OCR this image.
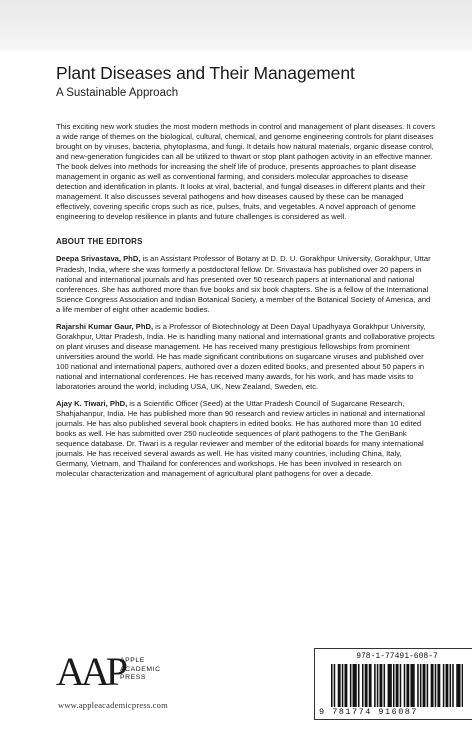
Plant Diseases and Their Management

A Sustainable Approach

This exciting new work studies the most modern methods in control and management of plant diseases. It covers a wide range of themes on the biological, cultural, chemical, and genome engineering controls for plant diseases brought on by viruses, bacteria, phytoplasma, and fungi. It details how natural materials, organic disease control, and new-generation fungicides can all be utilized to thwart or stop plant pathogen activity in an effective manner. The book delves into methods for increasing the shelf life of produce, presents approaches to plant disease management in organic as well as conventional farming, and considers molecular approaches to disease detection and identification in plants. It looks at viral, bacterial, and fungal diseases in different plants and their management. It also discusses several pathogens and how diseases caused by these can be managed effectively, covering specific crops such as rice, pulses, fruits, and vegetables. A novel approach of genome engineering to develop resilience in plants and future challenges is considered as well.

ABOUT THE EDITORS

Deepa Srivastava, PhD, is an Assistant Professor of Botany at D. D. U. Gorakhpur University, Gorakhpur, Uttar Pradesh, India, where she was formerly a postdoctoral fellow. Dr. Srivastava has published over 20 papers in national and international journals and has presented over 50 research papers at international and national conferences. She has authored more than five books and six book chapters. She is a fellow of the International Science Congress Association and Indian Botanical Society, a member of the Botanical Society of America, and a life member of eight other academic bodies.

Rajarshi Kumar Gaur, PhD, is a Professor of Biotechnology at Deen Dayal Upadhyaya Gorakhpur University, Gorakhpur, Uttar Pradesh, India. He is handling many national and international grants and collaborative projects on plant viruses and disease management. He has received many prestigious fellowships from prominent universities around the world. He has made significant contributions on sugarcane viruses and published over 100 national and international papers, authored over a dozen edited books, and presented about 50 papers in national and international conferences. He has received many awards, for his work, and has made visits to laboratories around the world, including USA, UK, New Zealand, Sweden, etc.

Ajay K. Tiwari, PhD, is a Scientific Officer (Seed) at the Uttar Pradesh Council of Sugarcane Research, Shahjahanpur, India. He has published more than 90 research and review articles in national and international journals. He has also published several book chapters in edited books. He has authored more than 10 edited books as well. He has submitted over 250 nucleotide sequences of plant pathogens to the The GenBank sequence database. Dr. Tiwari is a regular reviewer and member of the editorial boards for many international journals. He has received several awards as well. He has visited many countries, including China, Italy, Germany, Vietnam, and Thailand for conferences and workshops. He has been involved in research on molecular characterization and management of agricultural plant pathogens for over a decade.

AAP
APPLE
ACADEMIC
PRESS
www.appleacademicpress.com
978-1-77491-608-7
9 781774 916087
